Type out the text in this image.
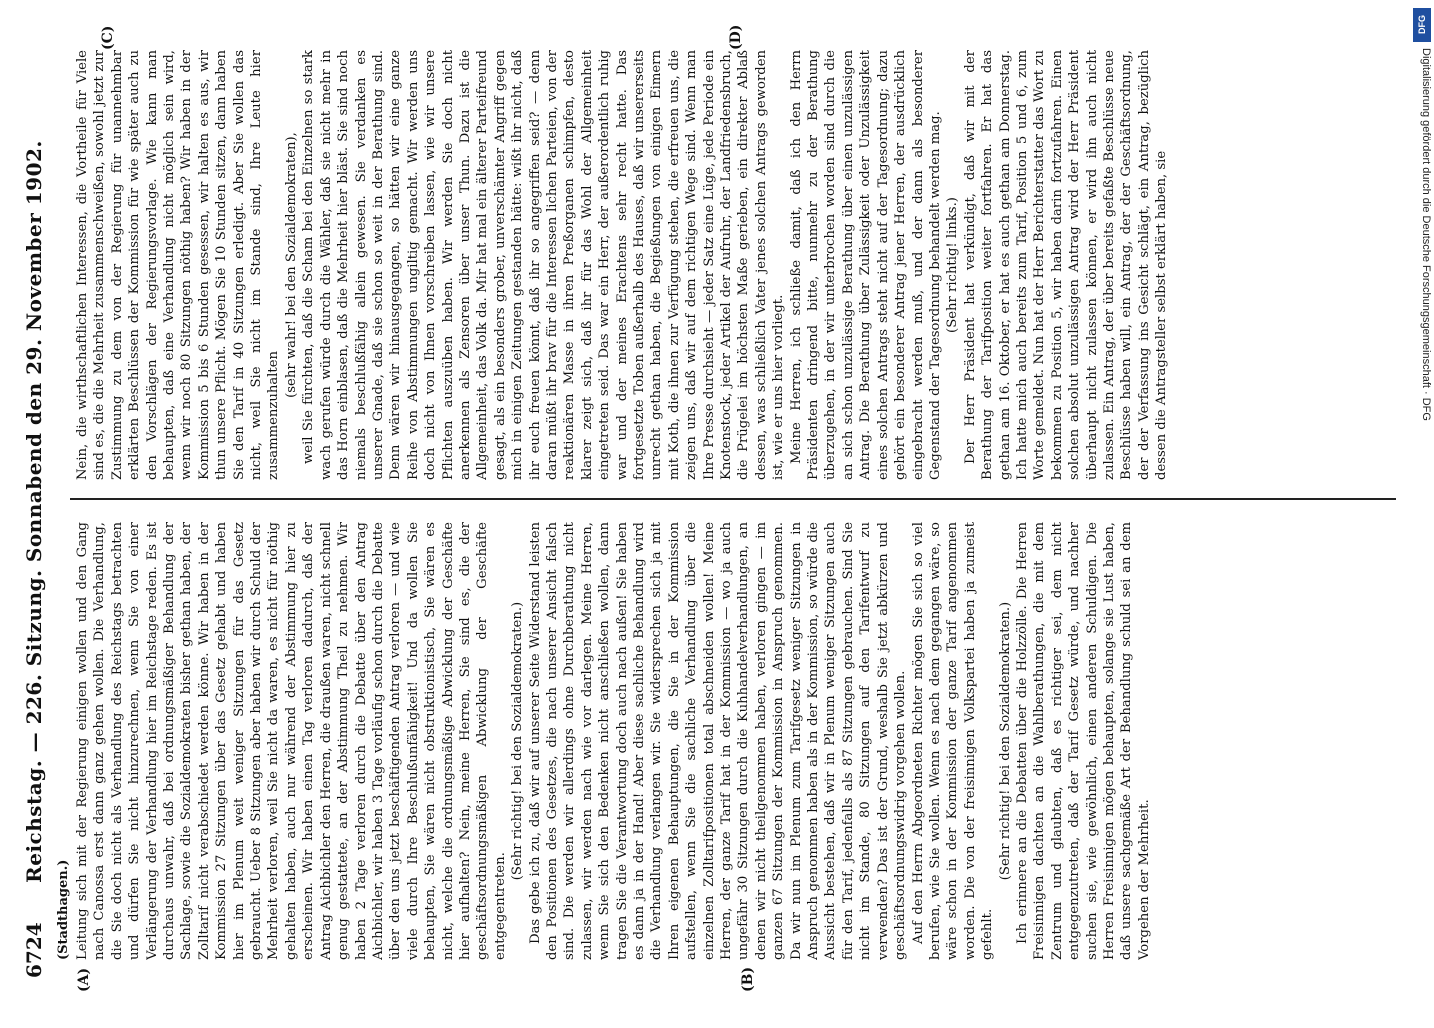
6724
Reichstag. — 226. Sitzung. Sonnabend den 29. November 1902.
(Stadthagen.)
(A)	(B)
(C)	(D)

Leitung sich mit der Regierung einigen wollen und den Gang nach Canossa erst dann ganz gehen wollen. Die Verhandlung, die Sie doch nicht als Verhandlung des Reichstags betrachten und dürfen Sie nicht hinzurechnen, wenn Sie von einer Verlängerung der Verhandlung hier im Reichstage reden. Es ist durchaus unwahr, daß bei ordnungsmäßiger Behandlung der Sachlage, sowie die Sozialdemokraten bisher gethan haben, der Zolltarif nicht verabschiedet werden könne. Wir haben in der Kommission 27 Sitzungen über das Gesetz gehabt und haben hier im Plenum weit weniger Sitzungen für das Gesetz gebraucht. Ueber 8 Sitzungen aber haben wir durch Schuld der Mehrheit verloren, weil Sie nicht da waren, es nicht für nöthig gehalten haben, auch nur während der Abstimmung hier zu erscheinen. Wir haben einen Tag verloren dadurch, daß der Antrag Aichbichler den Herren, die draußen waren, nicht schnell genug gestattete, an der Abstimmung Theil zu nehmen. Wir haben 2 Tage verloren durch die Debatte über den Antrag Aichbichler, wir haben 3 Tage vorläufig schon durch die Debatte über den uns jetzt beschäftigenden Antrag verloren — und wie viele durch Ihre Beschlußunfähigkeit! Und da wollen Sie behaupten, Sie wären nicht obstruktionistisch, Sie wären es nicht, welche die ordnungsmäßige Abwicklung der Geschäfte hier aufhalten? Nein, meine Herren, Sie sind es, die der geschäftsordnungsmäßigen Abwicklung der Geschäfte entgegentreten.

(Sehr richtig! bei den Sozialdemokraten.) Das gebe ich zu, daß wir auf unserer Seite Widerstand leisten den Positionen des Gesetzes, die nach unserer Ansicht falsch sind. Die werden wir allerdings ohne Durchberathung nicht zulassen, wir werden nach wie vor darlegen. Meine Herren, wenn Sie sich den Bedenken nicht anschließen wollen, dann tragen Sie die Verantwortung doch auch nach außen! Sie haben es dann ja in der Hand! Aber diese sachliche Behandlung wird die Verhandlung verlangen wir. Sie widersprechen sich ja mit Ihren eigenen Behauptungen, die Sie in der Kommission aufstellen, wenn Sie die sachliche Verhandlung über die einzelnen Zolltarifpositionen total abschneiden wollen! Meine Herren, der ganze Tarif hat in der Kommission — wo ja auch ungefähr 30 Sitzungen durch die Kuhhandelverhandlungen, an denen wir nicht theilgenommen haben, verloren gingen — im ganzen 67 Sitzungen der Kommission in Anspruch genommen. Da wir nun im Plenum zum Tarifgesetz weniger Sitzungen in Anspruch genommen haben als in der Kommission, so würde die Aussicht bestehen, daß wir in Plenum weniger Sitzungen auch für den Tarif, jedenfalls als 87 Sitzungen gebrauchen. Sind Sie nicht im Stande, 80 Sitzungen auf den Tarifentwurf zu verwenden? Das ist der Grund, weshalb Sie jetzt abkürzen und geschäftsordnungswidrig vorgehen wollen. Auf den Herrn Abgeordneten Richter mögen Sie sich so viel berufen, wie Sie wollen. Wenn es nach dem gegangen wäre, so wäre schon in der Kommission der ganze Tarif angenommen worden. Die von der freisinnigen Volkspartei haben ja zumeist gefehlt.

(Sehr richtig! bei den Sozialdemokraten.) Ich erinnere an die Debatten über die Holzzölle. Die Herren Freisinnigen dachten an die Wahlberathungen, die mit dem Zentrum und glaubten, daß es richtiger sei, dem nicht entgegenzutreten, daß der Tarif Gesetz würde, und nachher suchen sie, wie gewöhnlich, einen anderen Schuldigen. Die Herren Freisinnigen mögen behaupten, solange sie Lust haben, daß unsere sachgemäße Art der Behandlung schuld sei an dem Vorgehen der Mehrheit.

Nein, die wirthschaftlichen Interessen, die Vortheile für Viele sind es, die die Mehrheit zusammenschweißen, sowohl jetzt zur Zustimmung zu dem von der Regierung für unannehmbar erklärten Beschlüssen der Kommission für wie später auch zu den Vorschlägen der Regierungsvorlage. Wie kann man behaupten, daß eine Verhandlung nicht möglich sein wird, wenn wir noch 80 Sitzungen nöthig haben? Wir haben in der Kommission 5 bis 6 Stunden gesessen, wir halten es aus, wir thun unsere Pflicht. Mögen Sie 10 Stunden sitzen, dann haben Sie den Tarif in 40 Sitzungen erledigt. Aber Sie wollen das nicht, weil Sie nicht im Stande sind, Ihre Leute hier zusammenzuhalten

(sehr wahr! bei den Sozialdemokraten), weil Sie fürchten, daß die Scham bei den Einzelnen so stark wach gerufen würde durch die Wähler, daß sie nicht mehr in das Horn einblasen, daß die Mehrheit hier bläst. Sie sind noch niemals beschlußfähig allein gewesen. Sie verdanken es unserer Gnade, daß sie schon so weit in der Berathung sind. Denn wären wir hinausgegangen, so hätten wir eine ganze Reihe von Abstimmungen ungiltig gemacht. Wir werden uns doch nicht von Ihnen vorschreiben lassen, wie wir unsere Pflichten auszuüben haben. Wir werden Sie doch nicht anerkennen als Zensoren über unser Thun. Dazu ist die Allgemeinheit, das Volk da. Mir hat mal ein älterer Parteifreund gesagt, als ein besonders grober, unverschämter Angriff gegen mich in einigen Zeitungen gestanden hätte: wißt ihr nicht, daß ihr euch freuen könnt, daß ihr so angegriffen seid? — denn daran müßt ihr brav für die Interessen lichen Parteien, von der reaktionären Masse in ihren Preßorganen schimpfen, desto klarer zeigt sich, daß ihr für das Wohl der Allgemeinheit eingetreten seid. Das war ein Herr, der außerordentlich ruhig war und der meines Erachtens sehr recht hatte. Das fortgesetzte Toben außerhalb des Hauses, daß wir unsererseits unrecht gethan haben, die Begießungen von einigen Eimern mit Koth, die ihnen zur Verfügung stehen, die erfreuen uns, die zeigen uns, daß wir auf dem richtigen Wege sind. Wenn man Ihre Presse durchsieht — jeder Satz eine Lüge, jede Periode ein Knotenstock, jeder Artikel der Aufruhr, der Landfriedensbruch, die Prügelei im höchsten Maße gerieben, ein direkter Ablaß dessen, was schließlich Vater jenes solchen Antrags geworden ist, wie er uns hier vorliegt. Meine Herren, ich schließe damit, daß ich den Herrn Präsidenten dringend bitte, nunmehr zu der Berathung überzugehen, in der wir unterbrochen worden sind durch die an sich schon unzulässige Berathung über einen unzulässigen Antrag. Die Berathung über Zulässigkeit oder Unzulässigkeit eines solchen Antrags steht nicht auf der Tagesordnung; dazu gehört ein besonderer Antrag jener Herren, der ausdrücklich eingebracht werden muß, und der dann als besonderer Gegenstand der Tagesordnung behandelt werden mag. (Sehr richtig! links.) Der Herr Präsident hat verkündigt, daß wir mit der Berathung der Tarifposition weiter fortfahren. Er hat das gethan am 16. Oktober, er hat es auch gethan am Donnerstag. Ich hatte mich auch bereits zum Tarif, Position 5 und 6, zum Worte gemeldet. Nun hat der Herr Berichterstatter das Wort zu bekommen zu Position 5, wir haben darin fortzufahren. Einen solchen absolut unzulässigen Antrag wird der Herr Präsident überhaupt nicht zulassen können, er wird ihn auch nicht zulassen. Ein Antrag, der über bereits gefaßte Beschlüsse neue Beschlüsse haben will, ein Antrag, der der Geschäftsordnung, der der Verfassung ins Gesicht schlägt, ein Antrag, bezüglich dessen die Antragsteller selbst erklärt haben, sie

DFG
Digitalisierung gefördert durch die Deutsche Forschungsgemeinschaft · DFG
